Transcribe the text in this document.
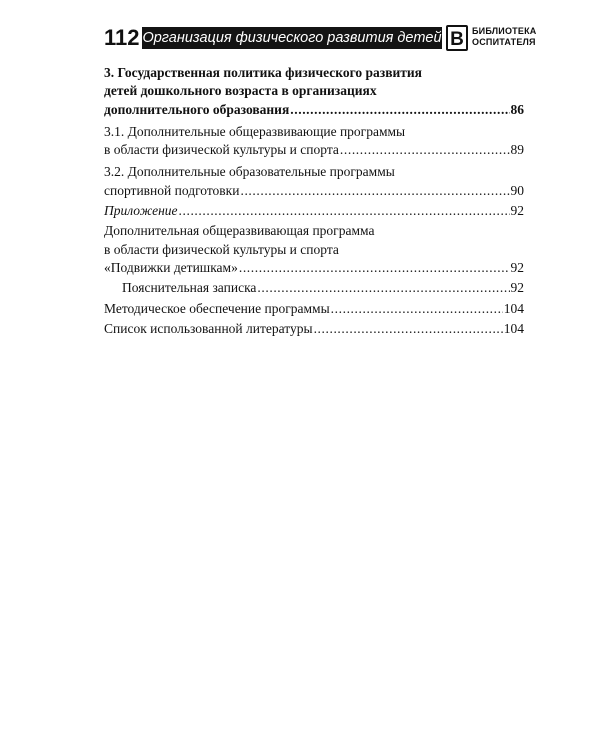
112 Организация физического развития детей B БИБЛИОТЕКА
ОСПИТАТЕЛЯ
3. Государственная политика физического развития
детей дошкольного возраста в организациях
дополнительного образования .....	86
3.1. Дополнительные общеразвивающие программы
в области физической культуры и спорта .....	89
3.2. Дополнительные образовательные программы
спортивной подготовки .....	90
Приложение .....	92
Дополнительная общеразвивающая программа
в области физической культуры и спорта
«Подвижки детишкам» .....	92
Пояснительная записка .....	92
Методическое обеспечение программы .....	104
Список использованной литературы .....	104
